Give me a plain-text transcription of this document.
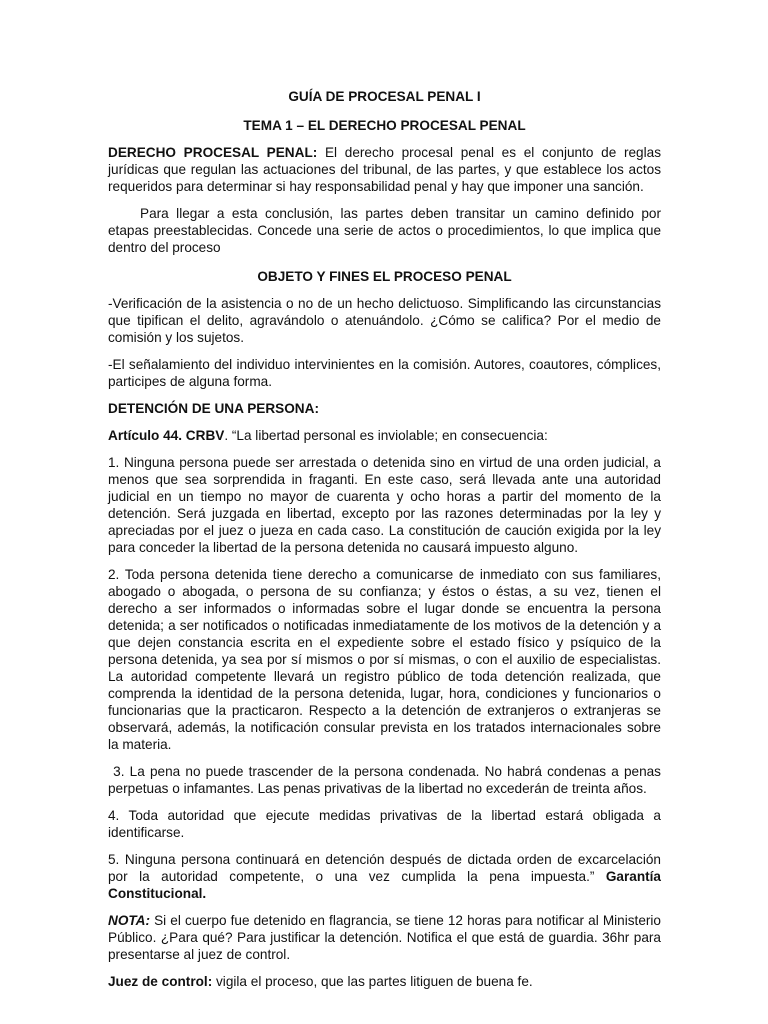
GUÍA DE PROCESAL PENAL I
TEMA 1 – EL DERECHO PROCESAL PENAL

DERECHO PROCESAL PENAL: El derecho procesal penal es el conjunto de reglas jurídicas que regulan las actuaciones del tribunal, de las partes, y que establece los actos requeridos para determinar si hay responsabilidad penal y hay que imponer una sanción.

Para llegar a esta conclusión, las partes deben transitar un camino definido por etapas preestablecidas. Concede una serie de actos o procedimientos, lo que implica que dentro del proceso

OBJETO Y FINES EL PROCESO PENAL

-Verificación de la asistencia o no de un hecho delictuoso. Simplificando las circunstancias que tipifican el delito, agravándolo o atenuándolo. ¿Cómo se califica? Por el medio de comisión y los sujetos.

-El señalamiento del individuo intervinientes en la comisión. Autores, coautores, cómplices, participes de alguna forma.

DETENCIÓN DE UNA PERSONA:

Artículo 44. CRBV. “La libertad personal es inviolable; en consecuencia:

1. Ninguna persona puede ser arrestada o detenida sino en virtud de una orden judicial, a menos que sea sorprendida in fraganti. En este caso, será llevada ante una autoridad judicial en un tiempo no mayor de cuarenta y ocho horas a partir del momento de la detención. Será juzgada en libertad, excepto por las razones determinadas por la ley y apreciadas por el juez o jueza en cada caso. La constitución de caución exigida por la ley para conceder la libertad de la persona detenida no causará impuesto alguno.

2. Toda persona detenida tiene derecho a comunicarse de inmediato con sus familiares, abogado o abogada, o persona de su confianza; y éstos o éstas, a su vez, tienen el derecho a ser informados o informadas sobre el lugar donde se encuentra la persona detenida; a ser notificados o notificadas inmediatamente de los motivos de la detención y a que dejen constancia escrita en el expediente sobre el estado físico y psíquico de la persona detenida, ya sea por sí mismos o por sí mismas, o con el auxilio de especialistas. La autoridad competente llevará un registro público de toda detención realizada, que comprenda la identidad de la persona detenida, lugar, hora, condiciones y funcionarios o funcionarias que la practicaron. Respecto a la detención de extranjeros o extranjeras se observará, además, la notificación consular prevista en los tratados internacionales sobre la materia.

3. La pena no puede trascender de la persona condenada. No habrá condenas a penas perpetuas o infamantes. Las penas privativas de la libertad no excederán de treinta años.

4. Toda autoridad que ejecute medidas privativas de la libertad estará obligada a identificarse.

5. Ninguna persona continuará en detención después de dictada orden de excarcelación por la autoridad competente, o una vez cumplida la pena impuesta.” Garantía Constitucional.

NOTA: Si el cuerpo fue detenido en flagrancia, se tiene 12 horas para notificar al Ministerio Público. ¿Para qué? Para justificar la detención. Notifica el que está de guardia. 36hr para presentarse al juez de control.

Juez de control: vigila el proceso, que las partes litiguen de buena fe.
